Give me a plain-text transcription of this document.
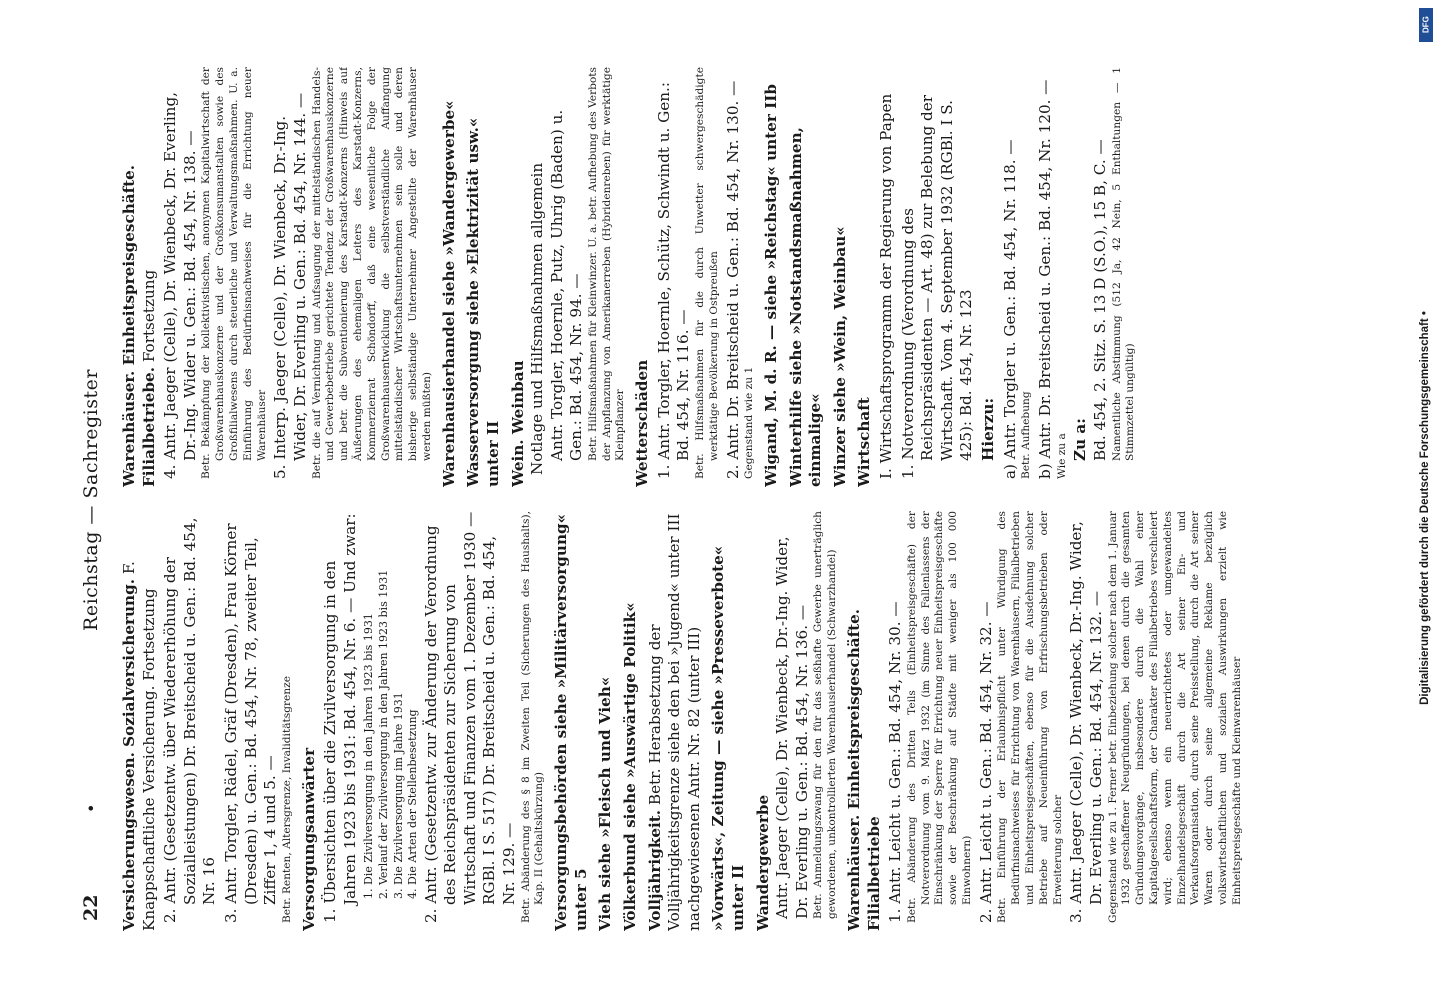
22
•
Reichstag — Sachregister
Versicherungswesen. Sozialversicherung. F. Knappschaftliche Versicherung. Fortsetzung 2. Antr. (Gesetzentw. über Wiedererhöhung der Sozialleistungen) Dr. Breitscheid u. Gen.: Bd. 454, Nr. 16 3. Antr. Torgler, Rädel, Gräf (Dresden), Frau Körner (Dresden) u. Gen.: Bd. 454, Nr. 78, zweiter Teil, Ziffer 1, 4 und 5. — Betr. Renten, Altersgrenze, Invaliditätsgrenze Versorgungsanwärter 1. Übersichten über die Zivilversorgung in den Jahren 1923 bis 1931: Bd. 454, Nr. 6. — Und zwar: 1. Die Zivilversorgung in den Jahren 1923 bis 1931 2. Verlauf der Zivilversorgung in den Jahren 1923 bis 1931 3. Die Zivilversorgung im Jahre 1931 4. Die Arten der Stellenbesetzung 2. Antr. (Gesetzentw. zur Änderung der Verordnung des Reichspräsidenten zur Sicherung von Wirtschaft und Finanzen vom 1. Dezember 1930 — RGBl. I S. 517) Dr. Breitscheid u. Gen.: Bd. 454, Nr. 129. — Betr. Abänderung des § 8 im Zweiten Teil (Sicherungen des Haushalts), Kap. II (Gehaltskürzung) Versorgungsbehörden siehe »Militärversorgung« unter 5 Vieh siehe »Fleisch und Vieh« Völkerbund siehe »Auswärtige Politik« Volljährigkeit. Betr. Herabsetzung der Volljährigkeitsgrenze siehe den bei »Jugend« unter III nachgewiesenen Antr. Nr. 82 (unter III) »Vorwärts«, Zeitung — siehe »Presseverbote« unter II Wandergewerbe Antr. Jaeger (Celle), Dr. Wienbeck, Dr.-Ing. Wider, Dr. Everling u. Gen.: Bd. 454, Nr. 136. — Betr. Anmeldungszwang für den für das seßhafte Gewerbe unerträglich gewordenen, unkontrollierten Warenhausierhandel (Schwarzhandel) Warenhäuser. Einheitspreisgeschäfte. Filialbetriebe 1. Antr. Leicht u. Gen.: Bd. 454, Nr. 30. — Betr. Abänderung des Dritten Teils (Einheitspreisgeschäfte) der Notverordnung vom 9. März 1932 (im Sinne des Fallenlassens der Einschränkung der Sperre für Errichtung neuer Einheitspreisgeschäfte sowie der Beschränkung auf Städte mit weniger als 100 000 Einwohnern) 2. Antr. Leicht u. Gen.: Bd. 454, Nr. 32. — Betr. Einführung der Erlaubnispflicht unter Würdigung des Bedürfnisnachweises für Errichtung von Warenhäusern, Filialbetrieben und Einheitspreisgeschäften, ebenso für die Ausdehnung solcher Betriebe auf Neueinführung von Erfrischungsbetrieben oder Erweiterung solcher 3. Antr. Jaeger (Celle), Dr. Wienbeck, Dr.-Ing. Wider, Dr. Everling u. Gen.: Bd. 454, Nr. 132. — Gegenstand wie zu 1. Ferner betr. Einbeziehung solcher nach dem 1. Januar 1932 geschaffener Neugründungen, bei denen durch die gesamten Gründungsvorgänge, insbesondere durch die Wahl einer Kapitalgesellschaftsform, der Charakter des Filialbetriebes verschleiert wird; ebenso wenn ein neuerrichtetes oder umgewandeltes Einzelhandelsgeschäft durch die Art seiner Ein- und Verkaufsorganisation, durch seine Preisstellung, durch die Art seiner Waren oder durch seine allgemeine Reklame bezüglich volkswirtschaftlichen und sozialen Auswirkungen erzielt wie Einheitspreisgeschäfte und Kleinwarenhäuser
Warenhäuser. Einheitspreisgeschäfte. Filialbetriebe. Fortsetzung 4. Antr. Jaeger (Celle), Dr. Wienbeck, Dr. Everling, Dr.-Ing. Wider u. Gen.: Bd. 454, Nr. 138. — Betr. Bekämpfung der kollektivistischen, anonymen Kapitalwirtschaft der Großwarenhauskonzerne und der Großkonsumanstalten sowie des Großfilialwesens durch steuerliche und Verwaltungsmaßnahmen. U. a. Einführung des Bedürfnisnachweises für die Errichtung neuer Warenhäuser 5. Interp. Jaeger (Celle), Dr. Wienbeck, Dr.-Ing. Wider, Dr. Everling u. Gen.: Bd. 454, Nr. 144. — Betr. die auf Vernichtung und Aufsaugung der mittelständischen Handels- und Gewerbebetriebe gerichtete Tendenz der Großwarenhauskonzerne und betr. die Subventionierung des Karstadt-Konzerns (Hinweis auf Äußerungen des ehemaligen Leiters des Karstadt-Konzerns, Kommerzienrat Schöndorff, daß eine wesentliche Folge der Großwarenhausentwicklung die selbstverständliche Auffangung mittelständischer Wirtschaftsunternehmen sein solle und deren bisherige selbständige Unternehmer Angestellte der Warenhäuser werden müßten) Warenhausierhandel siehe »Wandergewerbe« Wasserversorgung siehe »Elektrizität usw.« unter II Wein. Weinbau Notlage und Hilfsmaßnahmen allgemein Antr. Torgler, Hoernle, Putz, Uhrig (Baden) u. Gen.: Bd. 454, Nr. 94. — Betr. Hilfsmaßnahmen für Kleinwinzer. U. a. betr. Aufhebung des Verbots der Anpflanzung von Amerikanerreben (Hybridenreben) für werktätige Kleinpflanzer Wetterschäden 1. Antr. Torgler, Hoernle, Schütz, Schwindt u. Gen.: Bd. 454, Nr. 116. — Betr. Hilfsmaßnahmen für die durch Unwetter schwergeschädigte werktätige Bevölkerung in Ostpreußen 2. Antr. Dr. Breitscheid u. Gen.: Bd. 454, Nr. 130. — Gegenstand wie zu 1 Wigand, M. d. R. — siehe »Reichstag« unter IIb Winterhilfe siehe »Notstandsmaßnahmen, einmalige« Winzer siehe »Wein, Weinbau« Wirtschaft I. Wirtschaftsprogramm der Regierung von Papen 1. Notverordnung (Verordnung des Reichspräsidenten — Art. 48) zur Belebung der Wirtschaft. Vom 4. September 1932 (RGBl. I S. 425): Bd. 454, Nr. 123 Hierzu: a) Antr. Torgler u. Gen.: Bd. 454, Nr. 118. — Betr. Aufhebung b) Antr. Dr. Breitscheid u. Gen.: Bd. 454, Nr. 120. — Wie zu a Zu a: Bd. 454, 2. Sitz. S. 13 D (S.O.), 15 B, C. — Namentliche Abstimmung (512 Ja, 42 Nein, 5 Enthaltungen — 1 Stimmzettel ungültig)	Digitalisierung gefördert durch die Deutsche Forschungsgemeinschaft •
DFG
